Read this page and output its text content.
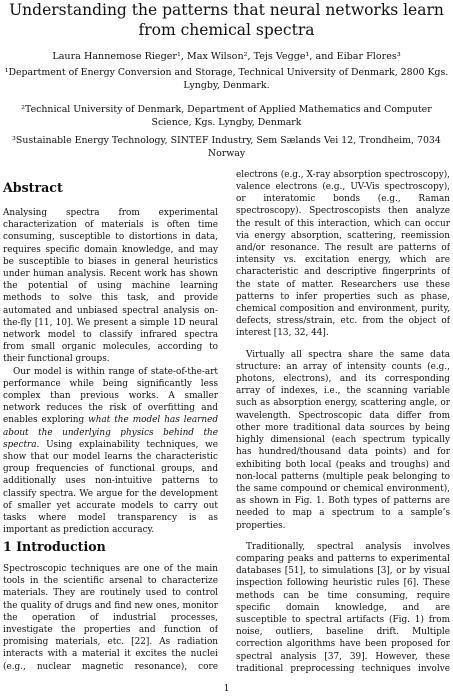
Understanding the patterns that neural networks learn from chemical spectra
Laura Hannemose Rieger¹, Max Wilson², Tejs Vegge¹, and Eibar Flores³
¹Department of Energy Conversion and Storage, Technical University of Denmark, 2800 Kgs. Lyngby, Denmark.
²Technical University of Denmark, Department of Applied Mathematics and Computer Science, Kgs. Lyngby, Denmark
³Sustainable Energy Technology, SINTEF Industry, Sem Sælands Vei 12, Trondheim, 7034 Norway
Abstract

Analysing spectra from experimental characterization of materials is often time consuming, susceptible to distortions in data, requires specific domain knowledge, and may be susceptible to biases in general heuristics under human analysis. Recent work has shown the potential of using machine learning methods to solve this task, and provide automated and unbiased spectral analysis on-the-fly [11, 10]. We present a simple 1D neural network model to classify infrared spectra from small organic molecules, according to their functional groups.

Our model is within range of state-of-the-art performance while being significantly less complex than previous works. A smaller network reduces the risk of overfitting and enables exploring what the model has learned about the underlying physics behind the spectra. Using explainability techniques, we show that our model learns the characteristic group frequencies of functional groups, and additionally uses non-intuitive patterns to classify spectra. We argue for the development of smaller yet accurate models to carry out tasks where model transparency is as important as prediction accuracy.

1 Introduction

Spectroscopic techniques are one of the main tools in the scientific arsenal to characterize materials. They are routinely used to control the quality of drugs and find new ones, monitor the operation of industrial processes, investigate the properties and function of promising materials, etc. [22]. As radiation interacts with a material it excites the nuclei (e.g., nuclear magnetic resonance), core

electrons (e.g., X-ray absorption spectroscopy), valence electrons (e.g., UV-Vis spectroscopy), or interatomic bonds (e.g., Raman spectroscopy). Spectroscopists then analyze the result of this interaction, which can occur via energy absorption, scattering, reemission and/or resonance. The result are patterns of intensity vs. excitation energy, which are characteristic and descriptive fingerprints of the state of matter. Researchers use these patterns to infer properties such as phase, chemical composition and environment, purity, defects, stress/strain, etc. from the object of interest [13, 32, 44].

Virtually all spectra share the same data structure: an array of intensity counts (e.g., photons, electrons), and its corresponding array of indexes, i.e., the scanning variable such as absorption energy, scattering angle, or wavelength. Spectroscopic data differ from other more traditional data sources by being highly dimensional (each spectrum typically has hundred/thousand data points) and for exhibiting both local (peaks and troughs) and non-local patterns (multiple peak belonging to the same compound or chemical environment), as shown in Fig. 1. Both types of patterns are needed to map a spectrum to a sample’s properties.

Traditionally, spectral analysis involves comparing peaks and patterns to experimental databases [51], to simulations [3], or by visual inspection following heuristic rules [6]. These methods can be time consuming, require specific domain knowledge, and are susceptible to spectral artifacts (Fig. 1) from noise, outliers, baseline drift. Multiple correction algorithms have been proposed for spectral analysis [37, 39]. However, these traditional preprocessing techniques involve

1
